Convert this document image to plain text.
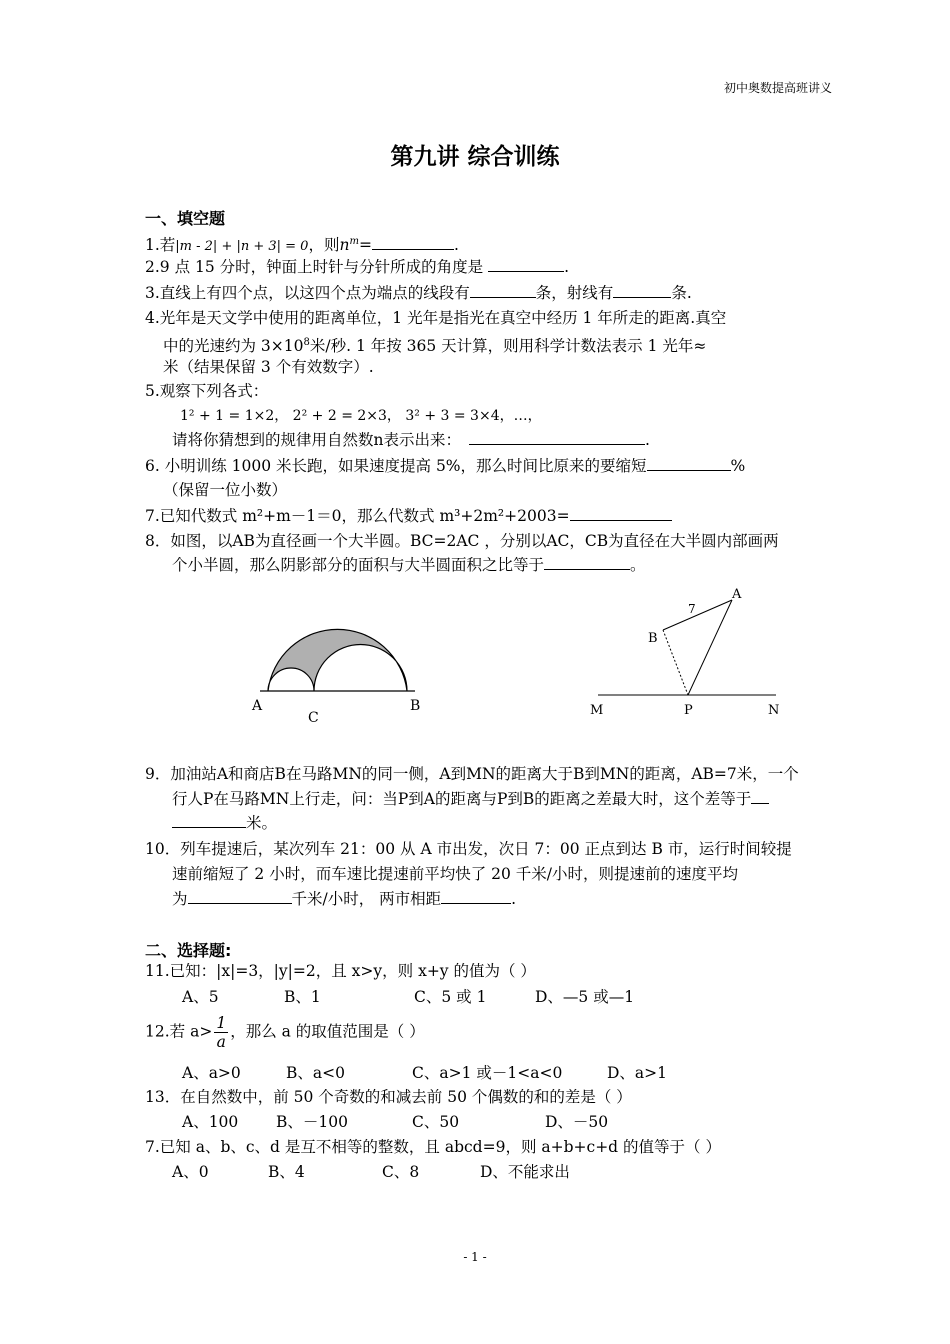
初中奥数提高班讲义
第九讲 综合训练
一、填空题
1.若|m - 2| + |n + 3| = 0，则$n^m=$	.
2.9 点 15 分时，钟面上时针与分针所成的角度是	.
3.直线上有四个点，以这四个点为端点的线段有	条，射线有	条.
4.光年是天文学中使用的距离单位，1 光年是指光在真空中经历 1 年所走的距离.真空
中的光速约为 $3\times 10^8$米/秒. 1 年按 365 天计算，则用科学计数法表示 1 光年≈
米（结果保留 3 个有效数字）.
5.观察下列各式：
1² + 1 = 1×2， 2² + 2 = 2×3， 3² + 3 = 3×4，…，
请将你猜想到的规律用自然数n表示出来：	.
6. 小明训练 1000 米长跑，如果速度提高 5%，那么时间比原来的要缩短	%
（保留一位小数）
7.已知代数式 m²+m－1＝0，那么代数式 m³+2m²+2003=
8．如图，以AB为直径画一个大半圆。BC=2AC ，分别以AC，CB为直径在大半圆内部画两
个小半圆，那么阴影部分的面积与大半圆面积之比等于	。
A	B
C
A
B
M	P	N
7
9．加油站A和商店B在马路MN的同一侧，A到MN的距离大于B到MN的距离，AB=7米，一个
行人P在马路MN上行走，问：当P到A的距离与P到B的距离之差最大时，这个差等于
米。
10．列车提速后，某次列车 21：00 从 A 市出发，次日 7：00 正点到达 B 市，运行时间较提
速前缩短了 2 小时，而车速比提速前平均快了 20 千米/小时，则提速前的速度平均
为	千米/小时， 两市相距	.
二、选择题:
11.已知：|x|=3，|y|=2，且 x>y，则 x+y 的值为（ ）
A、5	B、1	C、5 或 1	D、—5 或—1
12.若 $a> \frac{1}{a}$ ，那么 a 的取值范围是（ ）
A、a>0	B、a<0	C、a>1 或－1<a<0	D、a>1
13．在自然数中，前 50 个奇数的和减去前 50 个偶数的和的差是（ ）
A、100 B、－100	C、50	D、－50
7.已知 a、b、c、d 是互不相等的整数，且 abcd=9，则 a+b+c+d 的值等于（ ）
A、0	B、4	C、8	D、不能求出
- 1 -
